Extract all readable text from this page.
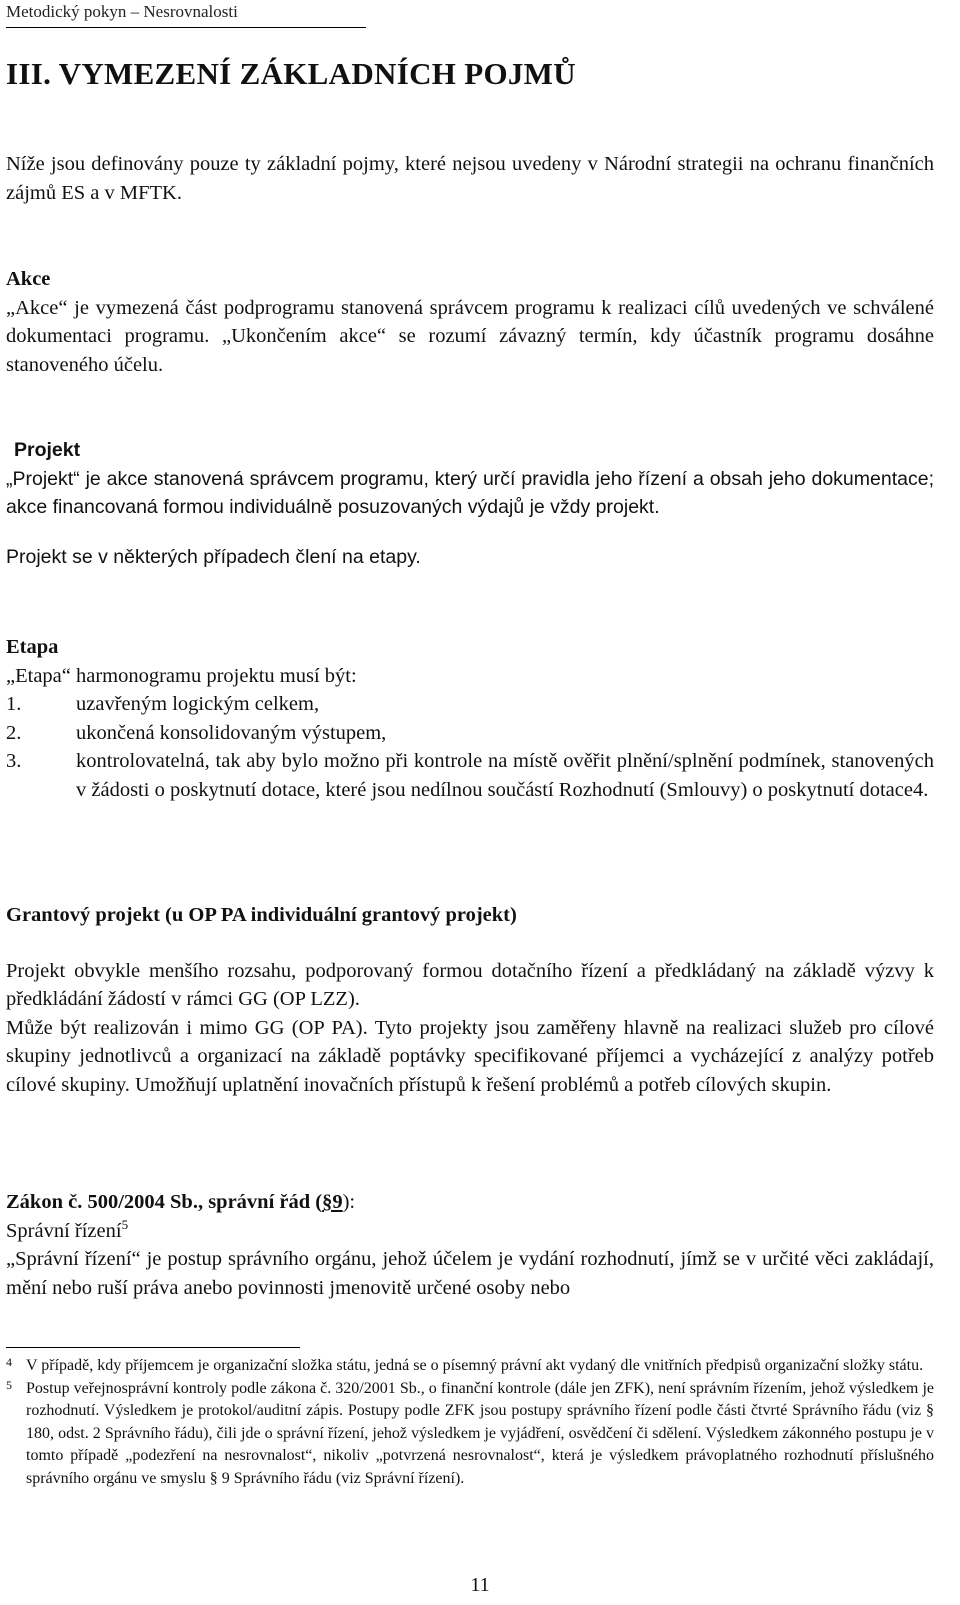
Metodický pokyn – Nesrovnalosti
III. VYMEZENÍ ZÁKLADNÍCH POJMŮ
Níže jsou definovány pouze ty základní pojmy, které nejsou uvedeny v Národní strategii na ochranu finančních zájmů ES a v MFTK.
Akce
„Akce“ je vymezená část podprogramu stanovená správcem programu k realizaci cílů uvedených ve schválené dokumentaci programu. „Ukončením akce“ se rozumí závazný termín, kdy účastník programu dosáhne stanoveného účelu.
Projekt
„Projekt“ je akce stanovená správcem programu, který určí pravidla jeho řízení a obsah jeho dokumentace; akce financovaná formou individuálně posuzovaných výdajů je vždy projekt.
Projekt se v některých případech člení na etapy.
Etapa
„Etapa“ harmonogramu projektu musí být:
1.	uzavřeným logickým celkem,
2.	ukončená konsolidovaným výstupem,
3.	kontrolovatelná, tak aby bylo možno při kontrole na místě ověřit plnění/splnění podmínek, stanovených v žádosti o poskytnutí dotace, které jsou nedílnou součástí Rozhodnutí (Smlouvy) o poskytnutí dotace4.
Grantový projekt (u OP PA individuální grantový projekt)
Projekt obvykle menšího rozsahu, podporovaný formou dotačního řízení a předkládaný na základě výzvy k předkládání žádostí v rámci GG (OP LZZ).
Může být realizován i mimo GG (OP PA). Tyto projekty jsou zaměřeny hlavně na realizaci služeb pro cílové skupiny jednotlivců a organizací na základě poptávky specifikované příjemci a vycházející z analýzy potřeb cílové skupiny. Umožňují uplatnění inovačních přístupů k řešení problémů a potřeb cílových skupin.
Zákon č. 500/2004 Sb., správní řád (§9):
Správní řízení$^5$
„Správní řízení“ je postup správního orgánu, jehož účelem je vydání rozhodnutí, jímž se v určité věci zakládají, mění nebo ruší práva anebo povinnosti jmenovitě určené osoby nebo
4 V případě, kdy příjemcem je organizační složka státu, jedná se o písemný právní akt vydaný dle vnitřních předpisů organizační složky státu.
5 Postup veřejnosprávní kontroly podle zákona č. 320/2001 Sb., o finanční kontrole (dále jen ZFK), není správním řízením, jehož výsledkem je rozhodnutí. Výsledkem je protokol/auditní zápis. Postupy podle ZFK jsou postupy správního řízení podle části čtvrté Správního řádu (viz § 180, odst. 2 Správního řádu), čili jde o správní řízení, jehož výsledkem je vyjádření, osvědčení či sdělení. Výsledkem zákonného postupu je v tomto případě „podezření na nesrovnalost“, nikoliv „potvrzená nesrovnalost“, která je výsledkem právoplatného rozhodnutí příslušného správního orgánu ve smyslu § 9 Správního řádu (viz Správní řízení).
11
